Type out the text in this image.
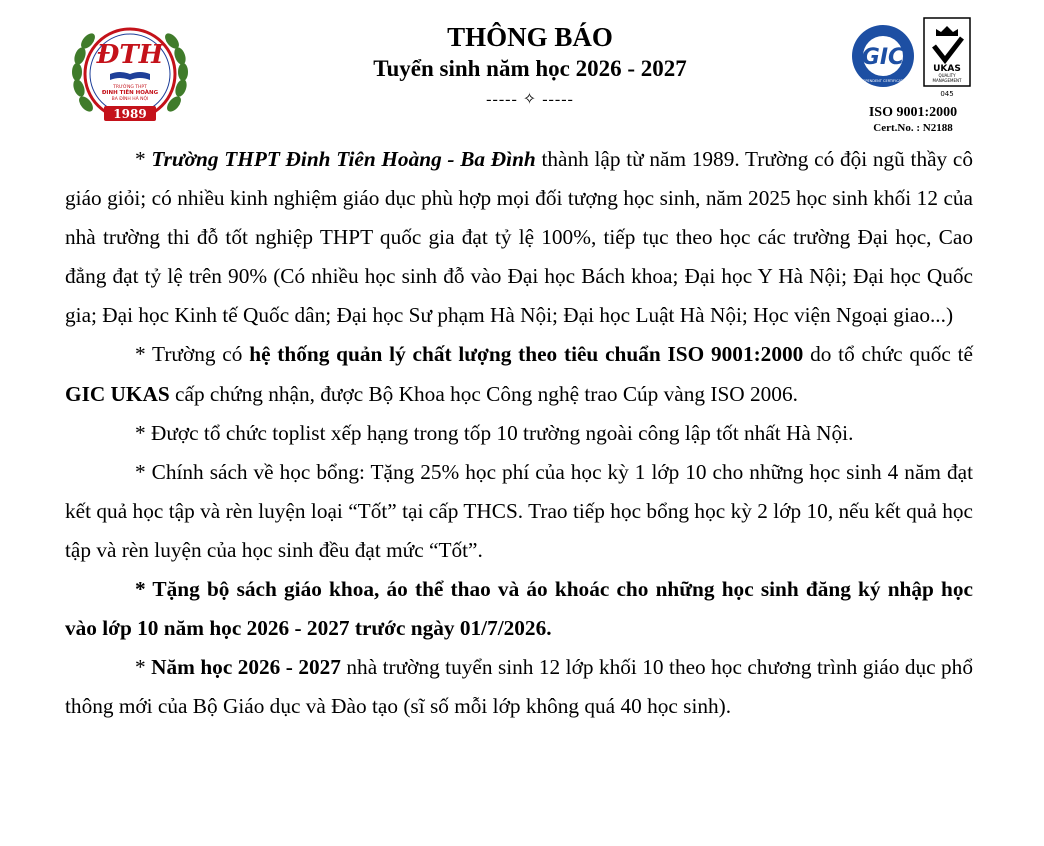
ĐTH
TRƯỜNG THPT
ĐINH TIÊN HOÀNG
BA ĐÌNH HÀ NỘI
1989
THÔNG BÁO
Tuyển sinh năm học 2026 - 2027
----- ✧ -----
GUARDIAN
INDEPENDENT CERTIFICATION
GIC	UKAS
QUALITY
MANAGEMENT
045
ISO 9001:2000
Cert.No. : N2188

* Trường THPT Đinh Tiên Hoàng - Ba Đình thành lập từ năm 1989. Trường có đội ngũ thầy cô giáo giỏi; có nhiều kinh nghiệm giáo dục phù hợp mọi đối tượng học sinh, năm 2025 học sinh khối 12 của nhà trường thi đỗ tốt nghiệp THPT quốc gia đạt tỷ lệ 100%, tiếp tục theo học các trường Đại học, Cao đẳng đạt tỷ lệ trên 90% (Có nhiều học sinh đỗ vào Đại học Bách khoa; Đại học Y Hà Nội; Đại học Quốc gia; Đại học Kinh tế Quốc dân; Đại học Sư phạm Hà Nội; Đại học Luật Hà Nội; Học viện Ngoại giao...)

* Trường có hệ thống quản lý chất lượng theo tiêu chuẩn ISO 9001:2000 do tổ chức quốc tế GIC UKAS cấp chứng nhận, được Bộ Khoa học Công nghệ trao Cúp vàng ISO 2006.

* Được tổ chức toplist xếp hạng trong tốp 10 trường ngoài công lập tốt nhất Hà Nội.

* Chính sách về học bổng: Tặng 25% học phí của học kỳ 1 lớp 10 cho những học sinh 4 năm đạt kết quả học tập và rèn luyện loại “Tốt” tại cấp THCS. Trao tiếp học bổng học kỳ 2 lớp 10, nếu kết quả học tập và rèn luyện của học sinh đều đạt mức “Tốt”.

* Tặng bộ sách giáo khoa, áo thể thao và áo khoác cho những học sinh đăng ký nhập học vào lớp 10 năm học 2026 - 2027 trước ngày 01/7/2026.

* Năm học 2026 - 2027 nhà trường tuyển sinh 12 lớp khối 10 theo học chương trình giáo dục phổ thông mới của Bộ Giáo dục và Đào tạo (sĩ số mỗi lớp không quá 40 học sinh).
